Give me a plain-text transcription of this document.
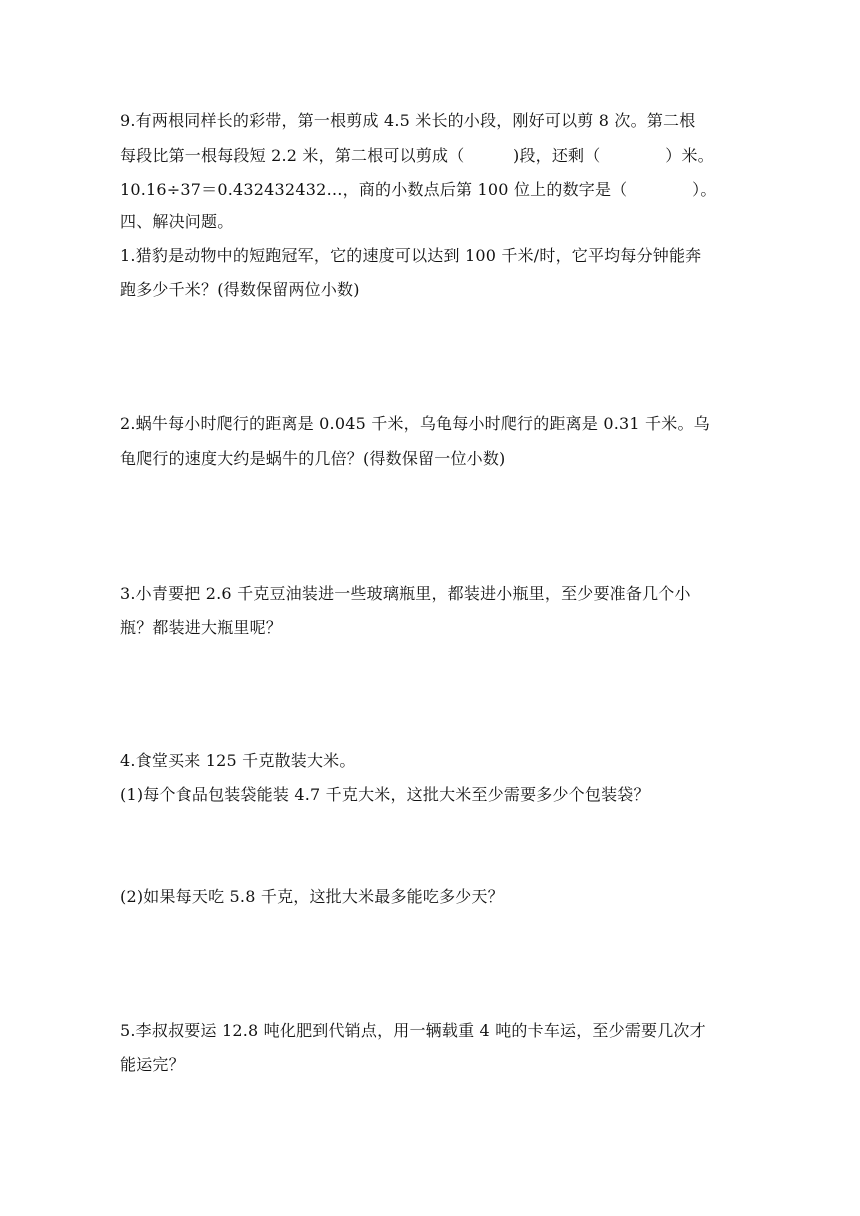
9.有两根同样长的彩带，第一根剪成 4.5 米长的小段，刚好可以剪 8 次。第二根
每段比第一根每段短 2.2 米，第二根可以剪成（　　　)段，还剩（　　　　）米。
10.16÷37＝0.432432432…，商的小数点后第 100 位上的数字是（　　　　）。
四、解决问题。
1.猎豹是动物中的短跑冠军，它的速度可以达到 100 千米/时，它平均每分钟能奔
跑多少千米？(得数保留两位小数)
2.蜗牛每小时爬行的距离是 0.045 千米，乌龟每小时爬行的距离是 0.31 千米。乌
龟爬行的速度大约是蜗牛的几倍？(得数保留一位小数)
3.小青要把 2.6 千克豆油装进一些玻璃瓶里，都装进小瓶里，至少要准备几个小
瓶？都装进大瓶里呢？
4.食堂买来 125 千克散装大米。
(1)每个食品包装袋能装 4.7 千克大米，这批大米至少需要多少个包装袋？
(2)如果每天吃 5.8 千克，这批大米最多能吃多少天？
5.李叔叔要运 12.8 吨化肥到代销点，用一辆载重 4 吨的卡车运，至少需要几次才
能运完？
